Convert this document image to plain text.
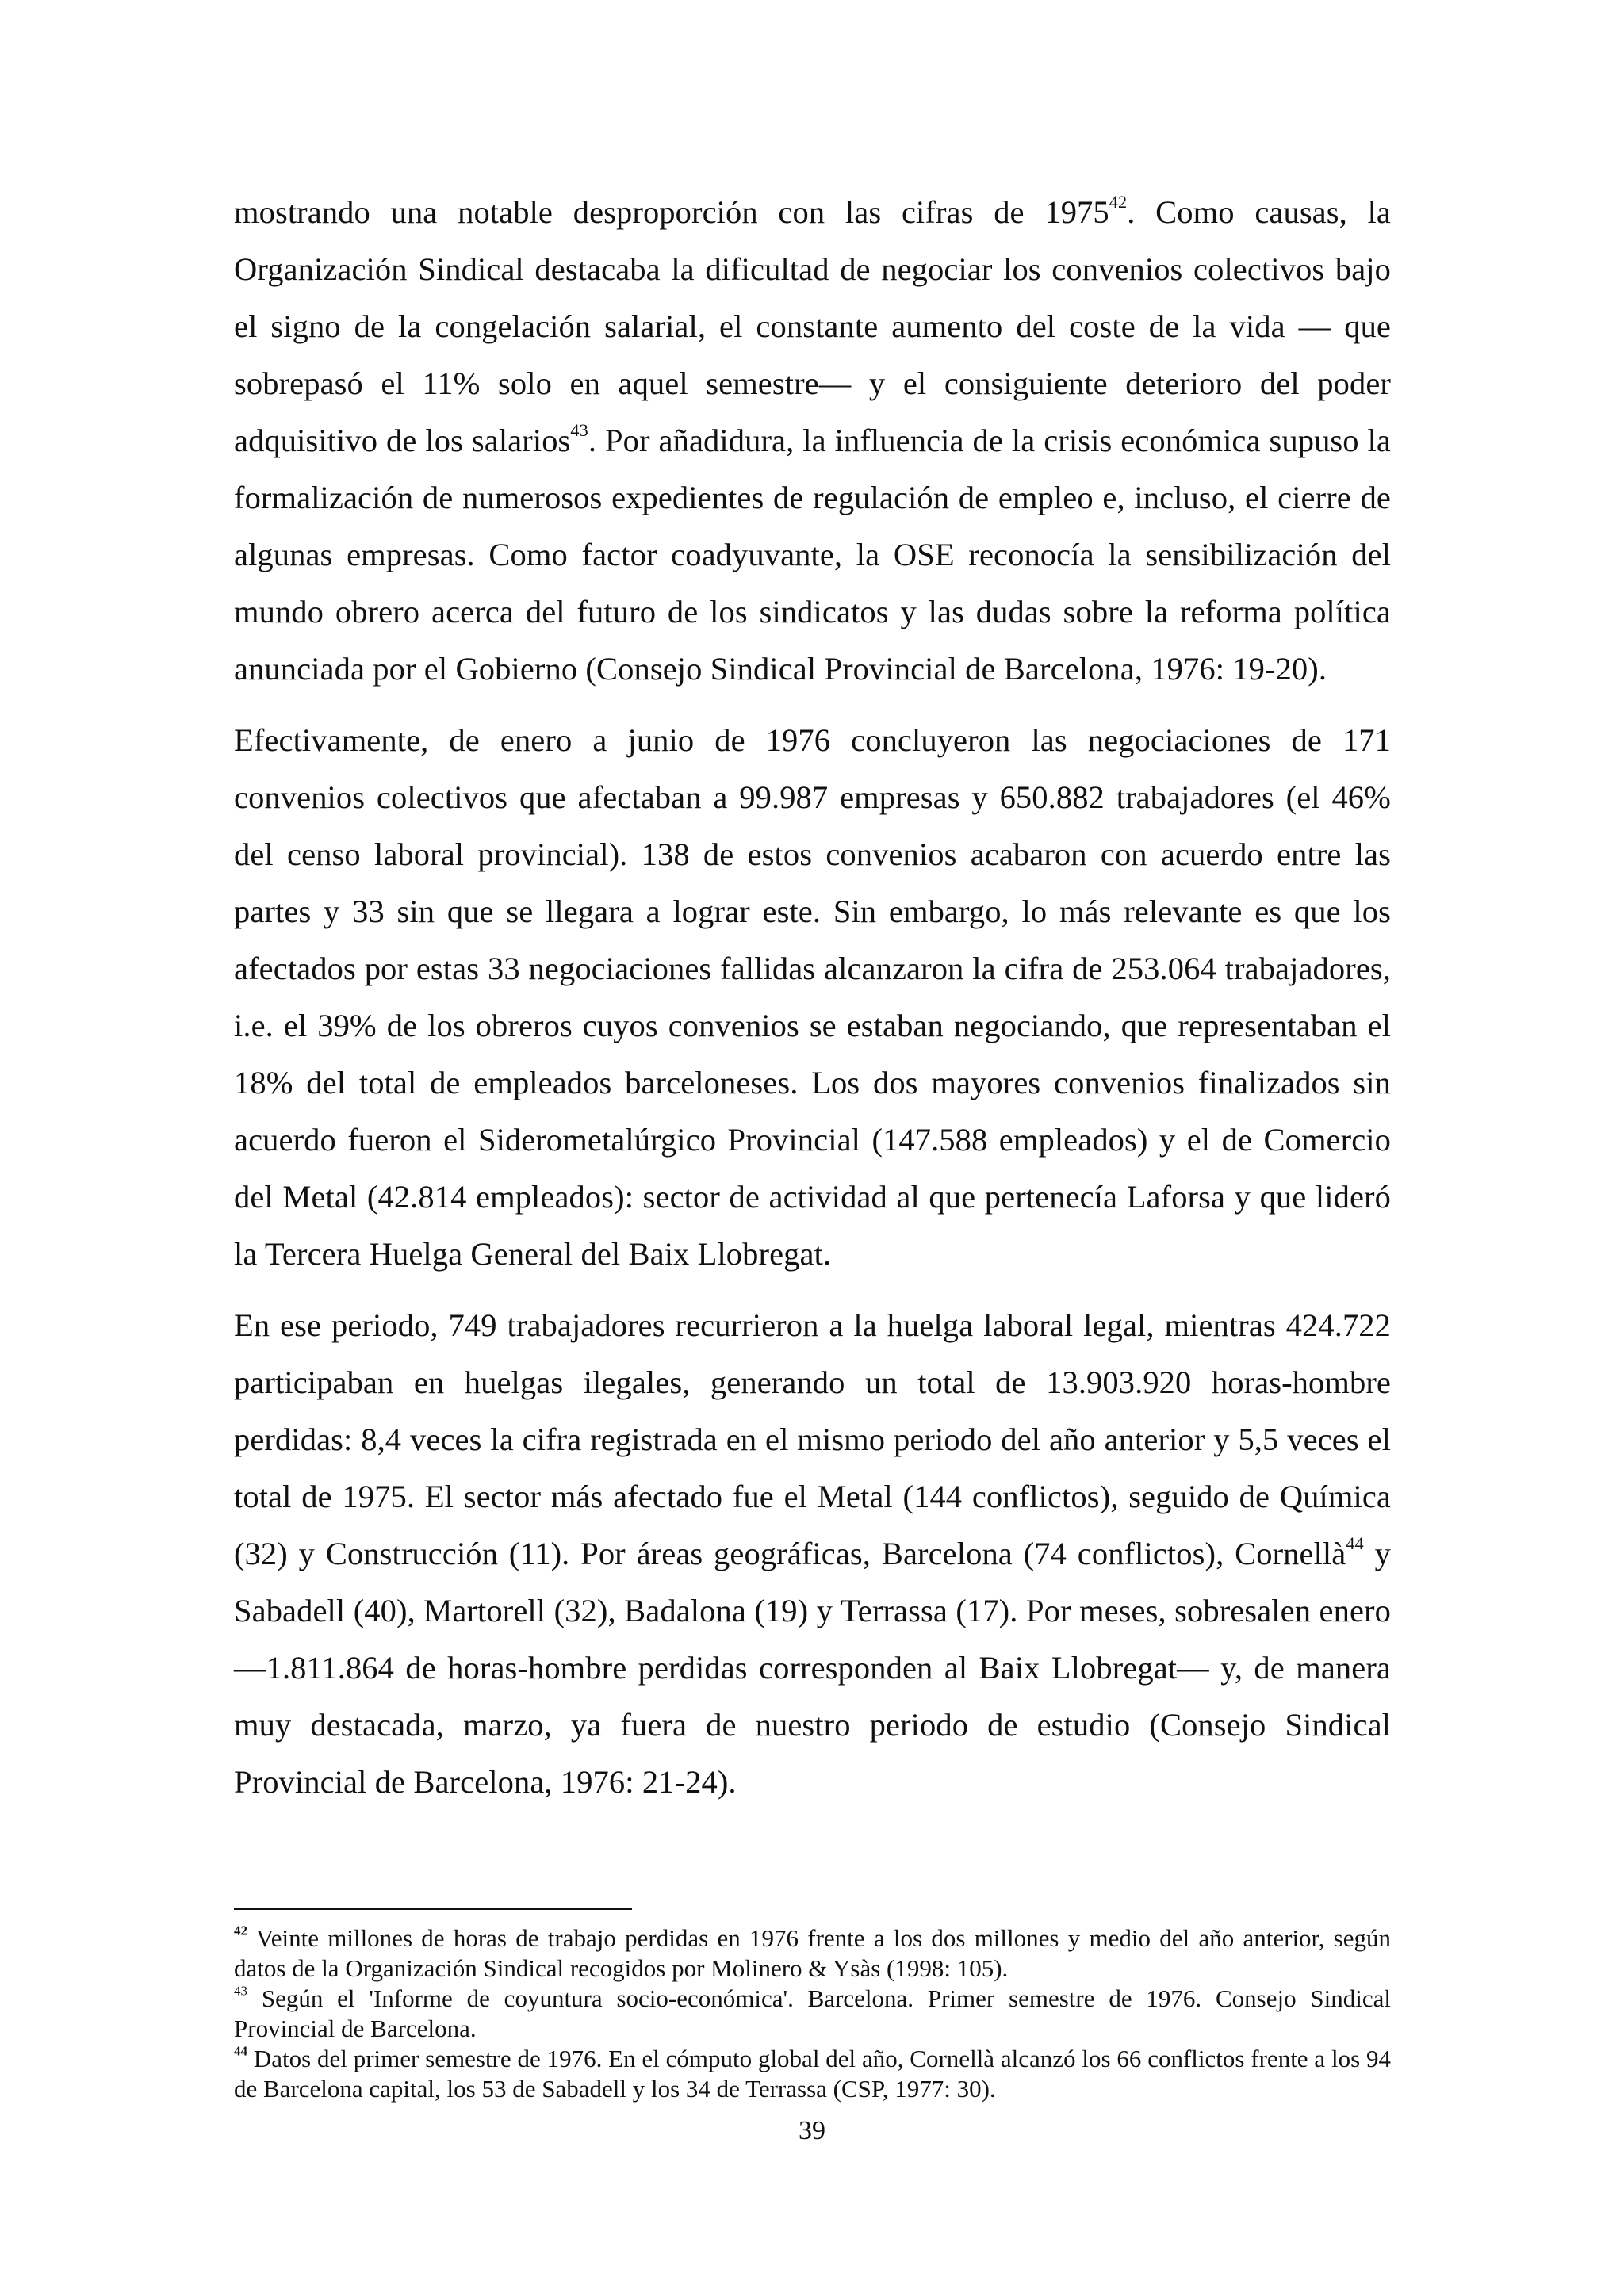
mostrando una notable desproporción con las cifras de 1975$^{42}$. Como causas, la Organización Sindical destacaba la dificultad de negociar los convenios colectivos bajo el signo de la congelación salarial, el constante aumento del coste de la vida — que sobrepasó el 11% solo en aquel semestre— y el consiguiente deterioro del poder adquisitivo de los salarios$^{43}$. Por añadidura, la influencia de la crisis económica supuso la formalización de numerosos expedientes de regulación de empleo e, incluso, el cierre de algunas empresas. Como factor coadyuvante, la OSE reconocía la sensibilización del mundo obrero acerca del futuro de los sindicatos y las dudas sobre la reforma política anunciada por el Gobierno (Consejo Sindical Provincial de Barcelona, 1976: 19-20).

Efectivamente, de enero a junio de 1976 concluyeron las negociaciones de 171 convenios colectivos que afectaban a 99.987 empresas y 650.882 trabajadores (el 46% del censo laboral provincial). 138 de estos convenios acabaron con acuerdo entre las partes y 33 sin que se llegara a lograr este. Sin embargo, lo más relevante es que los afectados por estas 33 negociaciones fallidas alcanzaron la cifra de 253.064 trabajadores, i.e. el 39% de los obreros cuyos convenios se estaban negociando, que representaban el 18% del total de empleados barceloneses. Los dos mayores convenios finalizados sin acuerdo fueron el Siderometalúrgico Provincial (147.588 empleados) y el de Comercio del Metal (42.814 empleados): sector de actividad al que pertenecía Laforsa y que lideró la Tercera Huelga General del Baix Llobregat.

En ese periodo, 749 trabajadores recurrieron a la huelga laboral legal, mientras 424.722 participaban en huelgas ilegales, generando un total de 13.903.920 horas-hombre perdidas: 8,4 veces la cifra registrada en el mismo periodo del año anterior y 5,5 veces el total de 1975. El sector más afectado fue el Metal (144 conflictos), seguido de Química (32) y Construcción (11). Por áreas geográficas, Barcelona (74 conflictos), Cornellà$^{44}$ y Sabadell (40), Martorell (32), Badalona (19) y Terrassa (17). Por meses, sobresalen enero —1.811.864 de horas-hombre perdidas corresponden al Baix Llobregat— y, de manera muy destacada, marzo, ya fuera de nuestro periodo de estudio (Consejo Sindical Provincial de Barcelona, 1976: 21-24).

$^{42}$ Veinte millones de horas de trabajo perdidas en 1976 frente a los dos millones y medio del año anterior, según datos de la Organización Sindical recogidos por Molinero & Ysàs (1998: 105).

$^{43}$ Según el 'Informe de coyuntura socio-económica'. Barcelona. Primer semestre de 1976. Consejo Sindical Provincial de Barcelona.

$^{44}$ Datos del primer semestre de 1976. En el cómputo global del año, Cornellà alcanzó los 66 conflictos frente a los 94 de Barcelona capital, los 53 de Sabadell y los 34 de Terrassa (CSP, 1977: 30).

39
